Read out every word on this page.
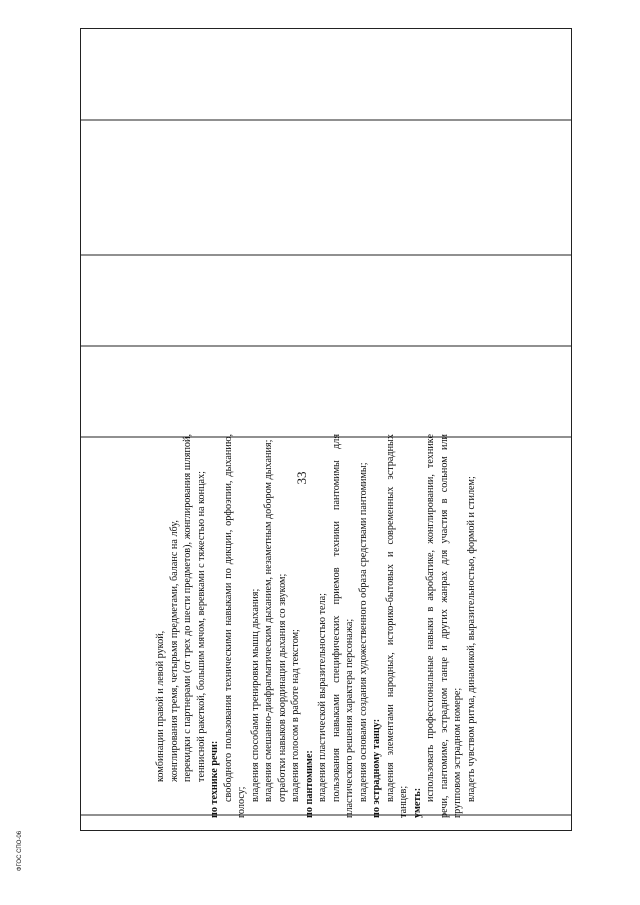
33

комбинации правой и левой рукой, жонглирования тремя, четырьмя предметами, баланс на лбу, перекидки с партнерами (от трех до шести предметов), жонглирования шляпой, теннисной ракеткой, большим мячом, веревками с тяжестью на концах; по технике речи: свободного пользования техническими навыками по дикции, орфоэпии, дыханию, голосу;

владения способами тренировки мышц дыхания; владения смешанно-диафрагматическим дыханием, незаметным добором дыхания; отработки навыков координации дыхания со звуком; владения голосом в работе над текстом; по пантомиме: владения пластической выразительностью тела; пользования навыками специфических приемов техники пантомимы для пластического решения характера персонажа; владения основами создания художественного образа средствами пантомимы; по эстрадному танцу: владения элементами народных, историко-бытовых и современных эстрадных танцев; уметь:

использовать профессиональные навыки в акробатике, жонглировании, технике речи, пантомиме, эстрадном танце и других жанрах для участия в сольном или групповом эстрадном номере; владеть чувством ритма, динамикой, выразительностью, формой и стилем;

ФГОС СПО-06
